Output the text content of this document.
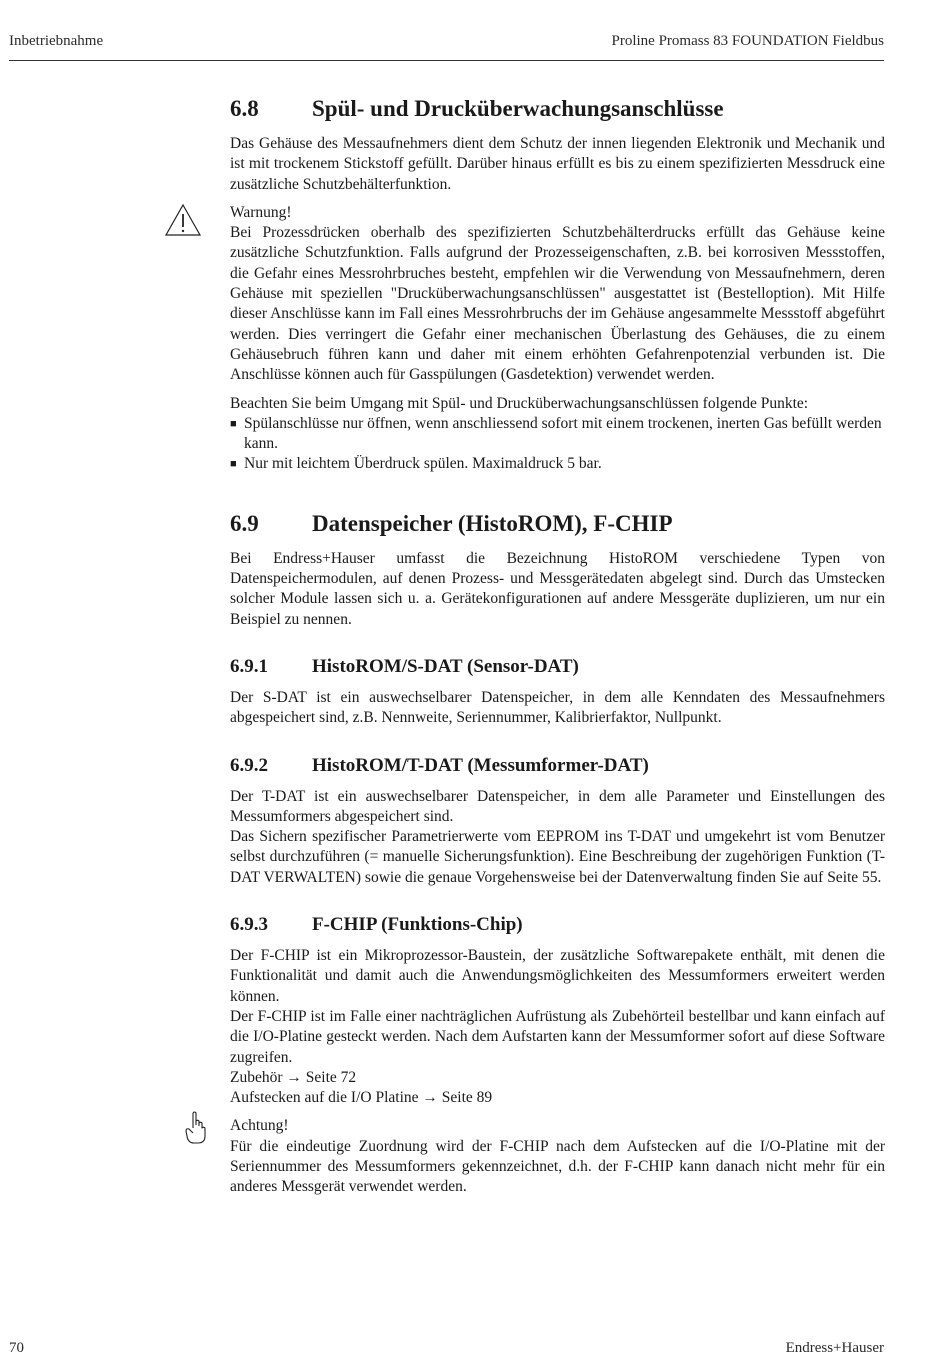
Inbetriebnahme	Proline Promass 83 FOUNDATION Fieldbus
6.8	Spül- und Drucküberwachungsanschlüsse

Das Gehäuse des Messaufnehmers dient dem Schutz der innen liegenden Elektronik und Mechanik und ist mit trockenem Stickstoff gefüllt. Darüber hinaus erfüllt es bis zu einem spezifizierten Messdruck eine zusätzliche Schutzbehälterfunktion.

Warnung!

Bei Prozessdrücken oberhalb des spezifizierten Schutzbehälterdrucks erfüllt das Gehäuse keine zusätzliche Schutzfunktion. Falls aufgrund der Prozesseigenschaften, z.B. bei korrosiven Messstoffen, die Gefahr eines Messrohrbruches besteht, empfehlen wir die Verwendung von Messaufnehmern, deren Gehäuse mit speziellen "Drucküberwachungsanschlüssen" ausgestattet ist (Bestelloption). Mit Hilfe dieser Anschlüsse kann im Fall eines Messrohrbruchs der im Gehäuse angesammelte Messstoff abgeführt werden. Dies verringert die Gefahr einer mechanischen Überlastung des Gehäuses, die zu einem Gehäusebruch führen kann und daher mit einem erhöhten Gefahrenpotenzial verbunden ist. Die Anschlüsse können auch für Gasspülungen (Gasdetektion) verwendet werden.

Beachten Sie beim Umgang mit Spül- und Drucküberwachungsanschlüssen folgende Punkte:

■ Spülanschlüsse nur öffnen, wenn anschliessend sofort mit einem trockenen, inerten Gas befüllt werden kann.
■ Nur mit leichtem Überdruck spülen. Maximaldruck 5 bar.
6.9	Datenspeicher (HistoROM), F-CHIP

Bei Endress+Hauser umfasst die Bezeichnung HistoROM verschiedene Typen von Datenspeichermodulen, auf denen Prozess- und Messgerätedaten abgelegt sind. Durch das Umstecken solcher Module lassen sich u. a. Gerätekonfigurationen auf andere Messgeräte duplizieren, um nur ein Beispiel zu nennen.

6.9.1	HistoROM/S-DAT (Sensor-DAT)

Der S-DAT ist ein auswechselbarer Datenspeicher, in dem alle Kenndaten des Messaufnehmers abgespeichert sind, z.B. Nennweite, Seriennummer, Kalibrierfaktor, Nullpunkt.

6.9.2	HistoROM/T-DAT (Messumformer-DAT)

Der T-DAT ist ein auswechselbarer Datenspeicher, in dem alle Parameter und Einstellungen des Messumformers abgespeichert sind.

Das Sichern spezifischer Parametrierwerte vom EEPROM ins T-DAT und umgekehrt ist vom Benutzer selbst durchzuführen (= manuelle Sicherungsfunktion). Eine Beschreibung der zugehörigen Funktion (T-DAT VERWALTEN) sowie die genaue Vorgehensweise bei der Datenverwaltung finden Sie auf Seite 55.

6.9.3	F-CHIP (Funktions-Chip)

Der F-CHIP ist ein Mikroprozessor-Baustein, der zusätzliche Softwarepakete enthält, mit denen die Funktionalität und damit auch die Anwendungsmöglichkeiten des Messumformers erweitert werden können.

Der F-CHIP ist im Falle einer nachträglichen Aufrüstung als Zubehörteil bestellbar und kann einfach auf die I/O-Platine gesteckt werden. Nach dem Aufstarten kann der Messumformer sofort auf diese Software zugreifen.

Zubehör → Seite 72

Aufstecken auf die I/O Platine → Seite 89

Achtung!

Für die eindeutige Zuordnung wird der F-CHIP nach dem Aufstecken auf die I/O-Platine mit der Seriennummer des Messumformers gekennzeichnet, d.h. der F-CHIP kann danach nicht mehr für ein anderes Messgerät verwendet werden.

70	Endress+Hauser
